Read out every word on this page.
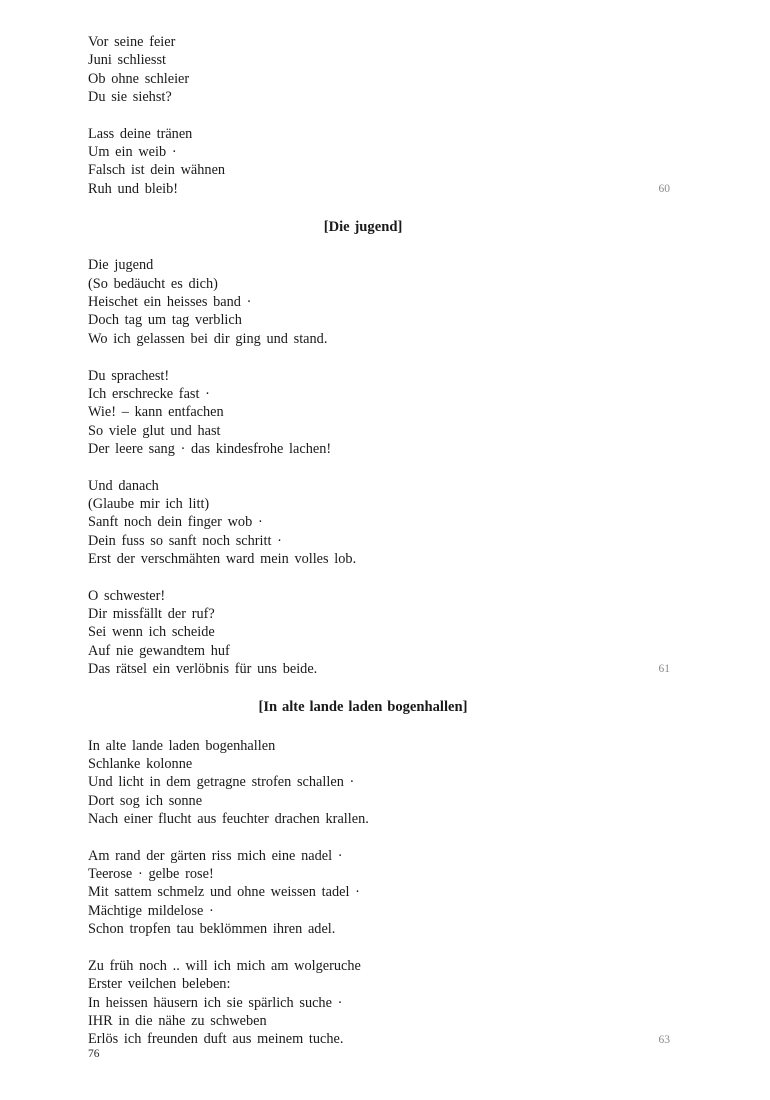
Vor seine feier
Juni schliesst
Ob ohne schleier
Du sie siehst?
Lass deine tränen
Um ein weib ·
Falsch ist dein wähnen
Ruh und bleib!	60
[Die jugend]
Die jugend
(So bedäucht es dich)
Heischet ein heisses band ·
Doch tag um tag verblich
Wo ich gelassen bei dir ging und stand.
Du sprachest!
Ich erschrecke fast ·
Wie! – kann entfachen
So viele glut und hast
Der leere sang · das kindesfrohe lachen!
Und danach
(Glaube mir ich litt)
Sanft noch dein finger wob ·
Dein fuss so sanft noch schritt ·
Erst der verschmähten ward mein volles lob.
O schwester!
Dir missfällt der ruf?
Sei wenn ich scheide
Auf nie gewandtem huf
Das rätsel ein verlöbnis für uns beide.	61
[In alte lande laden bogenhallen]
In alte lande laden bogenhallen
Schlanke kolonne
Und licht in dem getragne strofen schallen ·
Dort sog ich sonne
Nach einer flucht aus feuchter drachen krallen.
Am rand der gärten riss mich eine nadel ·
Teerose · gelbe rose!
Mit sattem schmelz und ohne weissen tadel ·
Mächtige mildelose ·
Schon tropfen tau beklömmen ihren adel.
Zu früh noch .. will ich mich am wolgeruche
Erster veilchen beleben:
In heissen häusern ich sie spärlich suche ·
IHR in die nähe zu schweben
Erlös ich freunden duft aus meinem tuche.	63
76
